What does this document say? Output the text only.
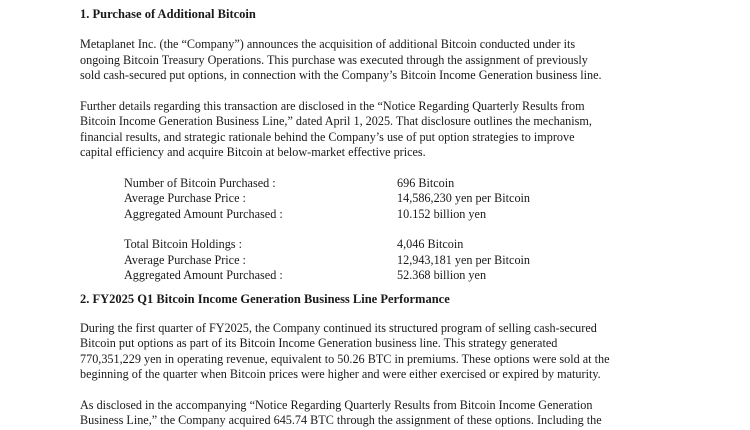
1. Purchase of Additional Bitcoin

Metaplanet Inc. (the “Company”) announces the acquisition of additional Bitcoin conducted under its
ongoing Bitcoin Treasury Operations. This purchase was executed through the assignment of previously
sold cash-secured put options, in connection with the Company’s Bitcoin Income Generation business line.

Further details regarding this transaction are disclosed in the “Notice Regarding Quarterly Results from
Bitcoin Income Generation Business Line,” dated April 1, 2025. That disclosure outlines the mechanism,
financial results, and strategic rationale behind the Company’s use of put option strategies to improve
capital efficiency and acquire Bitcoin at below-market effective prices.

Number of Bitcoin Purchased :	696 Bitcoin
Average Purchase Price :	14,586,230 yen per Bitcoin
Aggregated Amount Purchased :	10.152 billion yen
Total Bitcoin Holdings :	4,046 Bitcoin
Average Purchase Price :	12,943,181 yen per Bitcoin
Aggregated Amount Purchased :	52.368 billion yen
2. FY2025 Q1 Bitcoin Income Generation Business Line Performance

During the first quarter of FY2025, the Company continued its structured program of selling cash-secured
Bitcoin put options as part of its Bitcoin Income Generation business line. This strategy generated
770,351,229 yen in operating revenue, equivalent to 50.26 BTC in premiums. These options were sold at the
beginning of the quarter when Bitcoin prices were higher and were either exercised or expired by maturity.

As disclosed in the accompanying “Notice Regarding Quarterly Results from Bitcoin Income Generation
Business Line,” the Company acquired 645.74 BTC through the assignment of these options. Including the
